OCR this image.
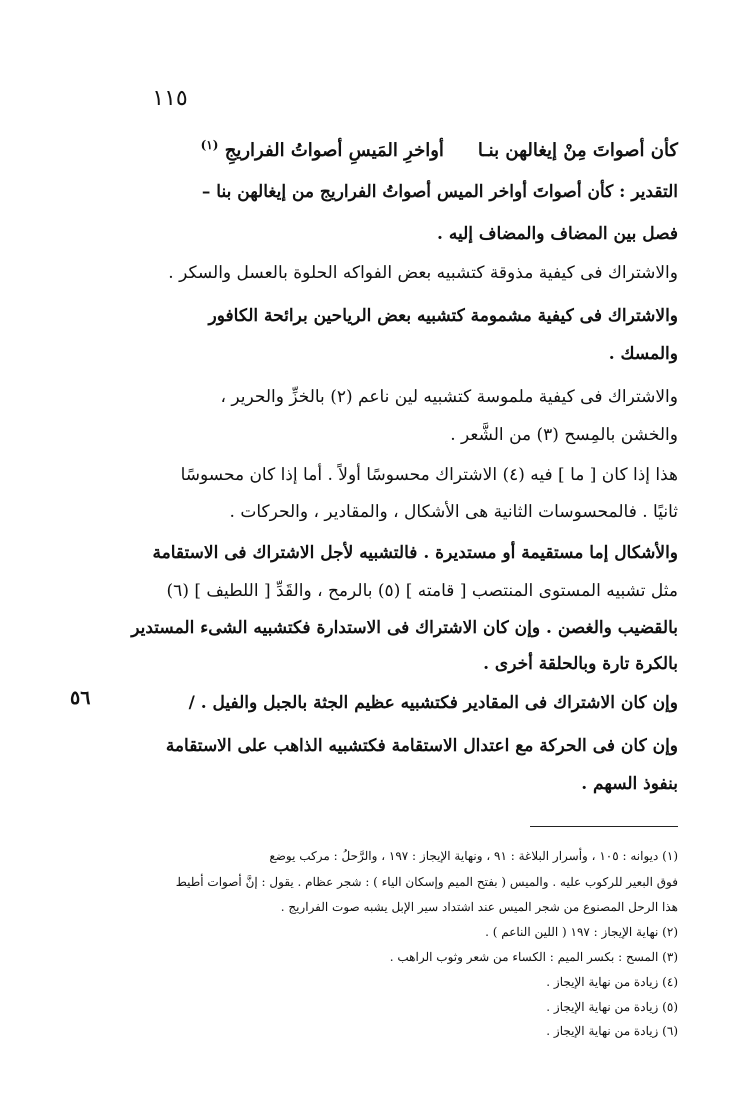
١١٥
كأن أصواتَ مِنْ إيغالهن بنـاأواخرِ المَيسِ أصواتُ الفراريجِ $^{(١)}$
التقدير : كأن أصواتَ أواخر الميس أصواتُ الفراريج من إيغالهن بنا –
فصل بين المضاف والمضاف إليه .
والاشتراك فى كيفية مذوقة كتشبيه بعض الفواكه الحلوة بالعسل والسكر .
والاشتراك فى كيفية مشمومة كتشبيه بعض الرياحين برائحة الكافور
والمسك .
والاشتراك فى كيفية ملموسة كتشبيه لين ناعم (٢) بالخزِّ والحرير ،
والخشن بالمِسح (٣) من الشَّعر .
هذا إذا كان [ ما ] فيه (٤) الاشتراك محسوسًا أولاً . أما إذا كان محسوسًا
ثانيًا . فالمحسوسات الثانية هى الأشكال ، والمقادير ، والحركات .
والأشكال إما مستقيمة أو مستديرة . فالتشبيه لأجل الاشتراك فى الاستقامة
مثل تشبيه المستوى المنتصب [ قامته ] (٥) بالرمح ، والقَدِّ [ اللطيف ] (٦)
بالقضيب والغصن . وإن كان الاشتراك فى الاستدارة فكتشبيه الشىء المستدير
بالكرة تارة وبالحلقة أخرى .
وإن كان الاشتراك فى المقادير فكتشبيه عظيم الجثة بالجبل والفيل . /
وإن كان فى الحركة مع اعتدال الاستقامة فكتشبيه الذاهب على الاستقامة
بنفوذ السهم .
٥٦
(١) ديوانه : ١٠٥ ، وأسرار البلاغة : ٩١ ، ونهاية الإيجاز : ١٩٧ ، والرَّحلُ : مركب يوضع
فوق البعير للركوب عليه . والميس ( بفتح الميم وإسكان الياء ) : شجر عظام . يقول : إنَّ أصوات أطيط
هذا الرحل المصنوع من شجر الميس عند اشتداد سير الإبل يشبه صوت الفراريج .
(٢) نهاية الإيجاز : ١٩٧ ( اللين الناعم ) .
(٣) المسح : بكسر الميم : الكساء من شعر وثوب الراهب .
(٤) زيادة من نهاية الإيجاز .
(٥) زيادة من نهاية الإيجاز .
(٦) زيادة من نهاية الإيجاز .
